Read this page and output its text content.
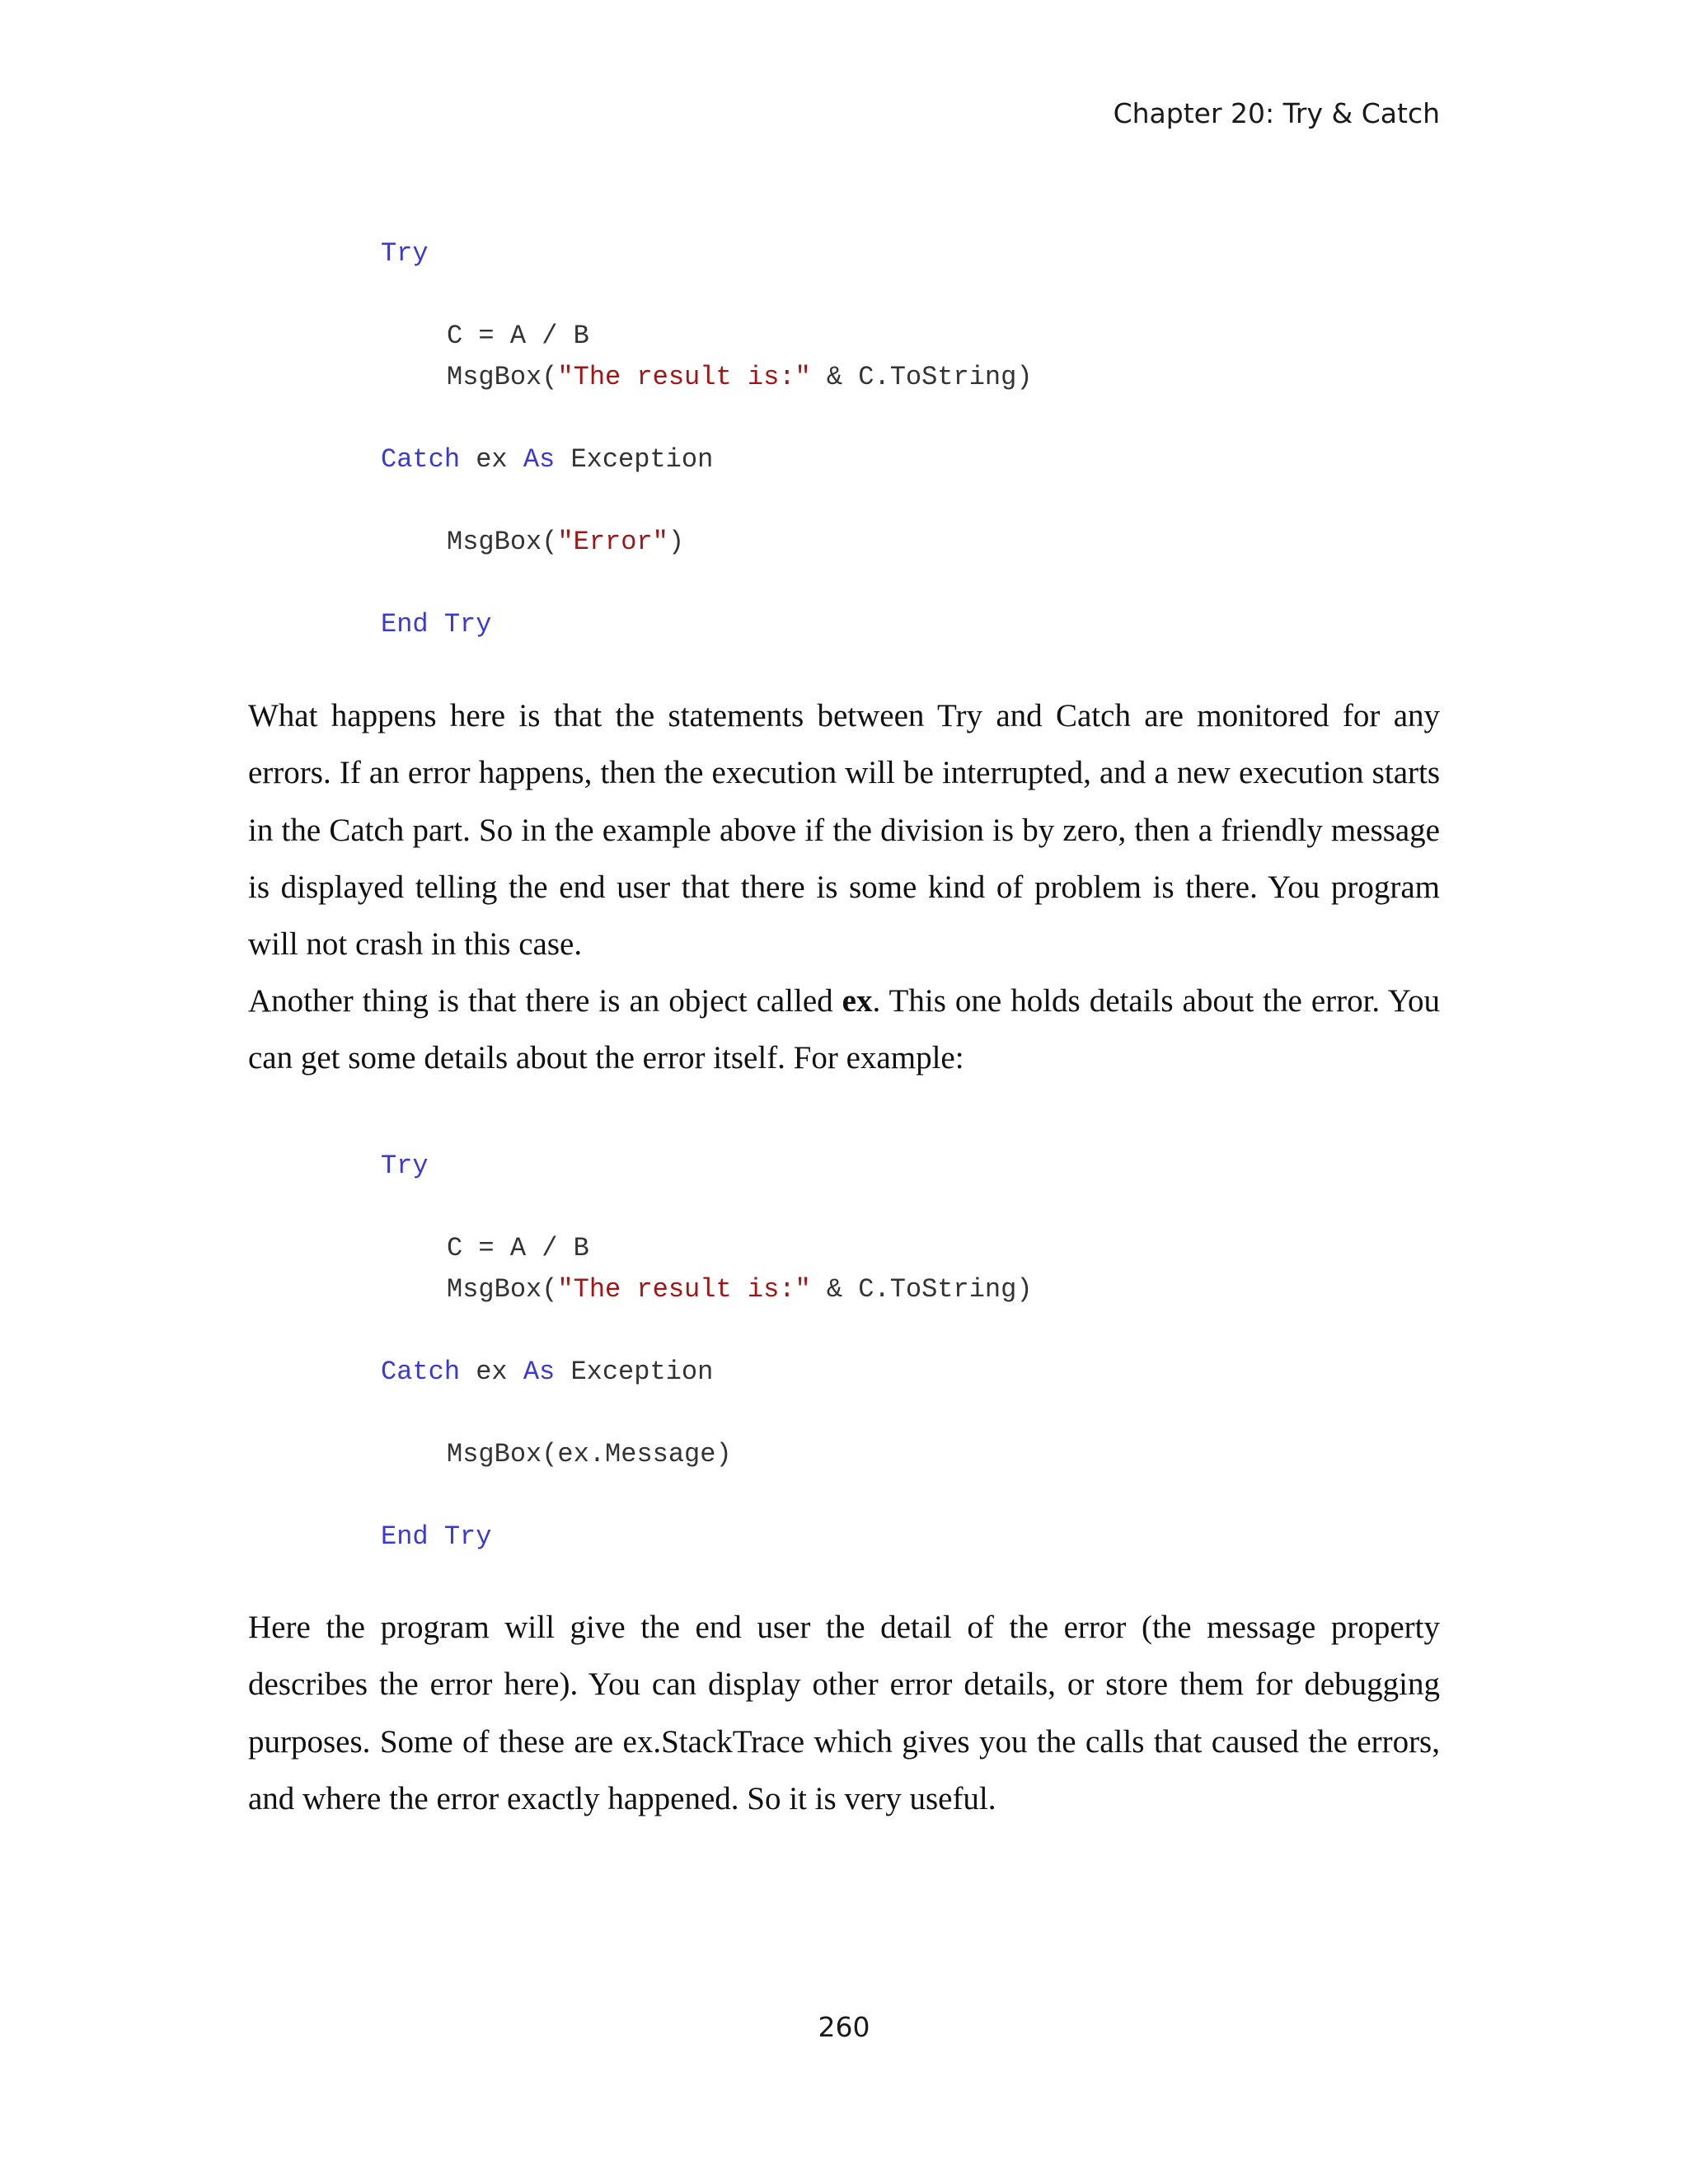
Chapter 20: Try & Catch
Try
C = A / B
MsgBox("The result is:" & C.ToString)
Catch ex As Exception
MsgBox("Error")
End Try

What happens here is that the statements between Try and Catch are monitored for any errors. If an error happens, then the execution will be interrupted, and a new execution starts in the Catch part. So in the example above if the division is by zero, then a friendly message is displayed telling the end user that there is some kind of problem is there. You program will not crash in this case.

Another thing is that there is an object called ex. This one holds details about the error. You can get some details about the error itself. For example:

Try
C = A / B
MsgBox("The result is:" & C.ToString)
Catch ex As Exception
MsgBox(ex.Message)
End Try

Here the program will give the end user the detail of the error (the message property describes the error here). You can display other error details, or store them for debugging purposes. Some of these are ex.StackTrace which gives you the calls that caused the errors, and where the error exactly happened. So it is very useful.

260
